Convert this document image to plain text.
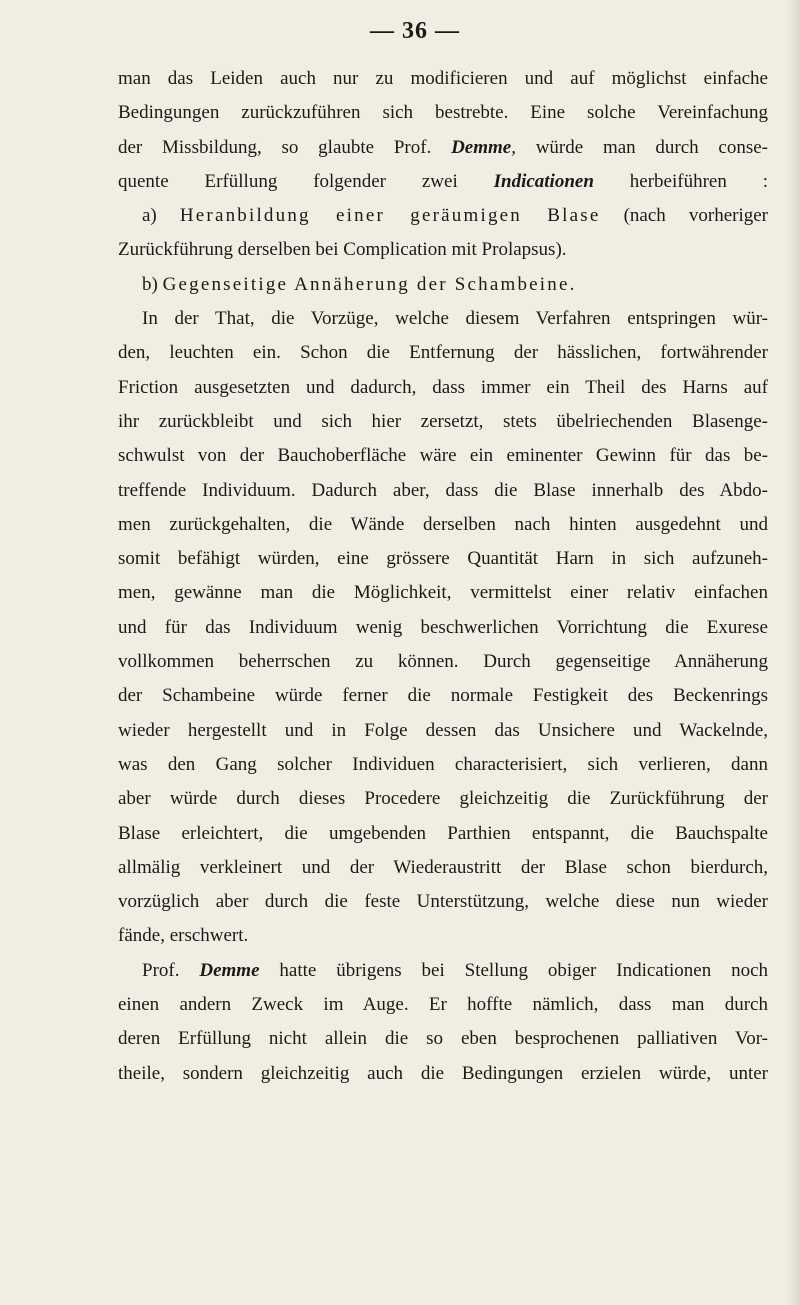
— 36 —
man das Leiden auch nur zu modificieren und auf möglichst einfache
Bedingungen zurückzuführen sich bestrebte. Eine solche Vereinfachung
der Missbildung, so glaubte Prof. Demme, würde man durch conse-
quente Erfüllung folgender zwei Indicationen herbeiführen :
a) Heranbildung einer geräumigen Blase (nach vorheriger
Zurückführung derselben bei Complication mit Prolapsus).
b) Gegenseitige Annäherung der Schambeine.
In der That, die Vorzüge, welche diesem Verfahren entspringen wür-
den, leuchten ein. Schon die Entfernung der hässlichen, fortwährender
Friction ausgesetzten und dadurch, dass immer ein Theil des Harns auf
ihr zurückbleibt und sich hier zersetzt, stets übelriechenden Blasenge-
schwulst von der Bauchoberfläche wäre ein eminenter Gewinn für das be-
treffende Individuum. Dadurch aber, dass die Blase innerhalb des Abdo-
men zurückgehalten, die Wände derselben nach hinten ausgedehnt und
somit befähigt würden, eine grössere Quantität Harn in sich aufzuneh-
men, gewänne man die Möglichkeit, vermittelst einer relativ einfachen
und für das Individuum wenig beschwerlichen Vorrichtung die Exurese
vollkommen beherrschen zu können. Durch gegenseitige Annäherung
der Schambeine würde ferner die normale Festigkeit des Beckenrings
wieder hergestellt und in Folge dessen das Unsichere und Wackelnde,
was den Gang solcher Individuen characterisiert, sich verlieren, dann
aber würde durch dieses Procedere gleichzeitig die Zurückführung der
Blase erleichtert, die umgebenden Parthien entspannt, die Bauchspalte
allmälig verkleinert und der Wiederaustritt der Blase schon bierdurch,
vorzüglich aber durch die feste Unterstützung, welche diese nun wieder
fände, erschwert.
Prof. Demme hatte übrigens bei Stellung obiger Indicationen noch
einen andern Zweck im Auge. Er hoffte nämlich, dass man durch
deren Erfüllung nicht allein die so eben besprochenen palliativen Vor-
theile, sondern gleichzeitig auch die Bedingungen erzielen würde, unter
